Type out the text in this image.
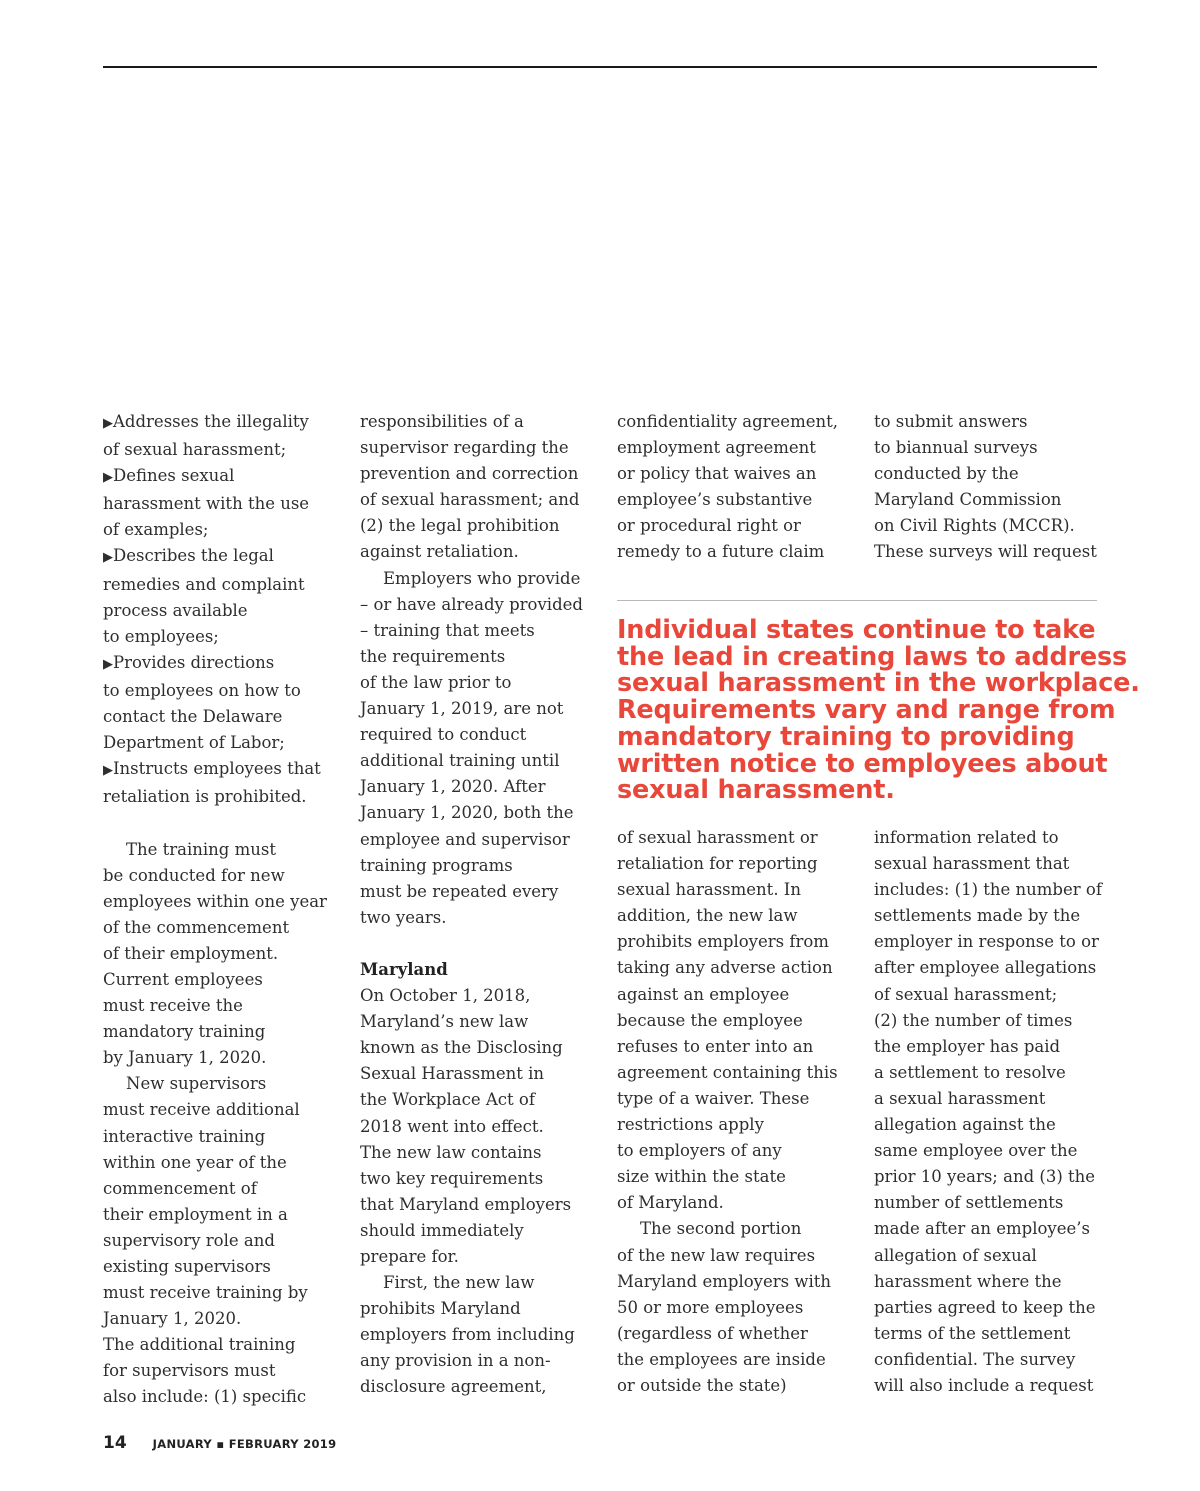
▶Addresses the illegality
of sexual harassment;
▶Defines sexual
harassment with the use
of examples;
▶Describes the legal
remedies and complaint
process available
to employees;
▶Provides directions
to employees on how to
contact the Delaware
Department of Labor;
▶Instructs employees that
retaliation is prohibited.
The training must
be conducted for new
employees within one year
of the commencement
of their employment.
Current employees
must receive the
mandatory training
by January 1, 2020.
New supervisors
must receive additional
interactive training
within one year of the
commencement of
their employment in a
supervisory role and
existing supervisors
must receive training by
January 1, 2020.
The additional training
for supervisors must
also include: (1) specific
responsibilities of a
supervisor regarding the
prevention and correction
of sexual harassment; and
(2) the legal prohibition
against retaliation.
Employers who provide
– or have already provided
– training that meets
the requirements
of the law prior to
January 1, 2019, are not
required to conduct
additional training until
January 1, 2020. After
January 1, 2020, both the
employee and supervisor
training programs
must be repeated every
two years.
Maryland
On October 1, 2018,
Maryland’s new law
known as the Disclosing
Sexual Harassment in
the Workplace Act of
2018 went into effect.
The new law contains
two key requirements
that Maryland employers
should immediately
prepare for.
First, the new law
prohibits Maryland
employers from including
any provision in a non-
disclosure agreement,
confidentiality agreement,
employment agreement
or policy that waives an
employee’s substantive
or procedural right or
remedy to a future claim
to submit answers
to biannual surveys
conducted by the
Maryland Commission
on Civil Rights (MCCR).
These surveys will request
Individual states continue to take
the lead in creating laws to address
sexual harassment in the workplace.
Requirements vary and range from
mandatory training to providing
written notice to employees about
sexual harassment.
of sexual harassment or
retaliation for reporting
sexual harassment. In
addition, the new law
prohibits employers from
taking any adverse action
against an employee
because the employee
refuses to enter into an
agreement containing this
type of a waiver. These
restrictions apply
to employers of any
size within the state
of Maryland.
The second portion
of the new law requires
Maryland employers with
50 or more employees
(regardless of whether
the employees are inside
or outside the state)
information related to
sexual harassment that
includes: (1) the number of
settlements made by the
employer in response to or
after employee allegations
of sexual harassment;
(2) the number of times
the employer has paid
a settlement to resolve
a sexual harassment
allegation against the
same employee over the
prior 10 years; and (3) the
number of settlements
made after an employee’s
allegation of sexual
harassment where the
parties agreed to keep the
terms of the settlement
confidential. The survey
will also include a request
14 JANUARY ▪ FEBRUARY 2019
